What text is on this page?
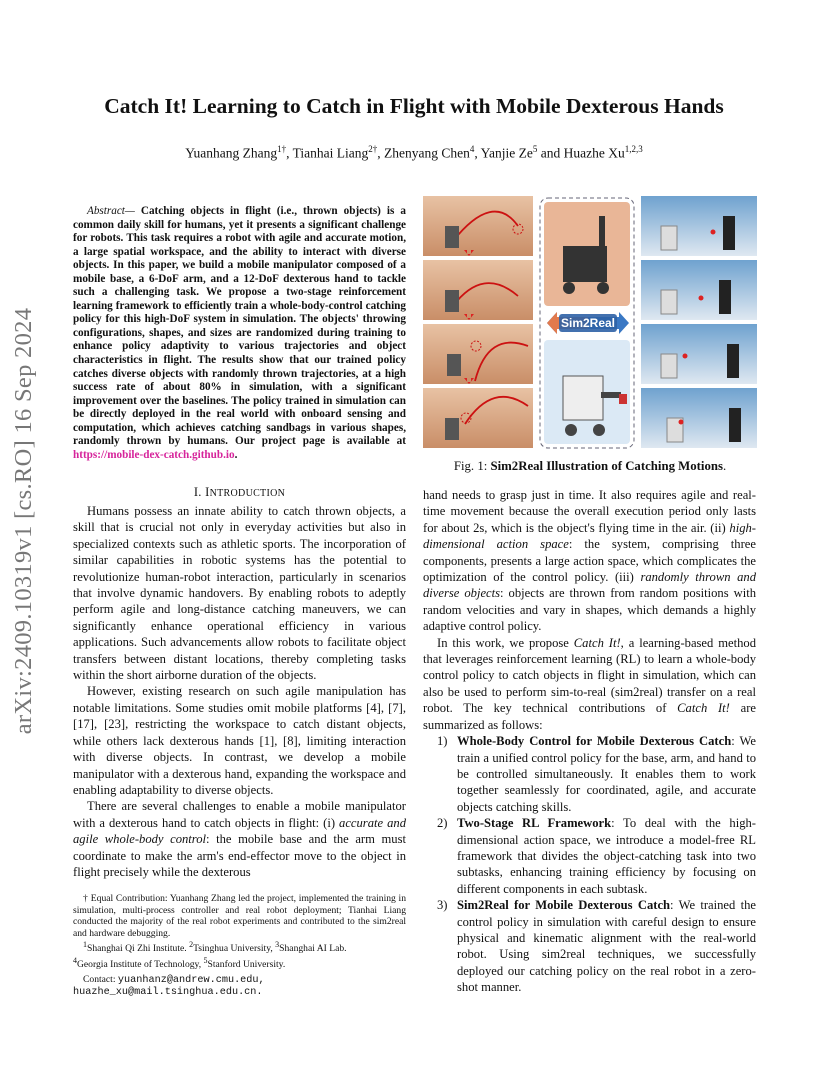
Catch It! Learning to Catch in Flight with Mobile Dexterous Hands
Yuanhang Zhang$^{1\dagger}$, Tianhai Liang$^{2\dagger}$, Zhenyang Chen$^4$, Yanjie Ze$^5$ and Huazhe Xu$^{1,2,3}$
arXiv:2409.10319v1 [cs.RO] 16 Sep 2024
Abstract— Catching objects in flight (i.e., thrown objects) is a common daily skill for humans, yet it presents a significant challenge for robots. This task requires a robot with agile and accurate motion, a large spatial workspace, and the ability to interact with diverse objects. In this paper, we build a mobile manipulator composed of a mobile base, a 6-DoF arm, and a 12-DoF dexterous hand to tackle such a challenging task. We propose a two-stage reinforcement learning framework to efficiently train a whole-body-control catching policy for this high-DoF system in simulation. The objects' throwing configurations, shapes, and sizes are randomized during training to enhance policy adaptivity to various trajectories and object characteristics in flight. The results show that our trained policy catches diverse objects with randomly thrown trajectories, at a high success rate of about 80% in simulation, with a significant improvement over the baselines. The policy trained in simulation can be directly deployed in the real world with onboard sensing and computation, which achieves catching sandbags in various shapes, randomly thrown by humans. Our project page is available at https://mobile-dex-catch.github.io.
I. INTRODUCTION

Humans possess an innate ability to catch thrown objects, a skill that is crucial not only in everyday activities but also in specialized contexts such as athletic sports. The incorporation of similar capabilities in robotic systems has the potential to revolutionize human-robot interaction, particularly in scenarios that involve dynamic handovers. By enabling robots to adeptly perform agile and long-distance catching maneuvers, we can significantly enhance operational efficiency in various applications. Such advancements allow robots to facilitate object transfers between distant locations, thereby completing tasks within the short airborne duration of the objects.

However, existing research on such agile manipulation has notable limitations. Some studies omit mobile platforms [4], [7], [17], [23], restricting the workspace to catch distant objects, while others lack dexterous hands [1], [8], limiting interaction with diverse objects. In contrast, we develop a mobile manipulator with a dexterous hand, expanding the workspace and enabling adaptability to diverse objects.

There are several challenges to enable a mobile manipulator with a dexterous hand to catch objects in flight: (i) accurate and agile whole-body control: the mobile base and the arm must coordinate to make the arm's end-effector move to the object in flight precisely while the dexterous

† Equal Contribution: Yuanhang Zhang led the project, implemented the training in simulation, multi-process controller and real robot deployment; Tianhai Liang conducted the majority of the real robot experiments and contributed to the sim2real and hardware debugging.

$^1$Shanghai Qi Zhi Institute. $^2$Tsinghua University, $^3$Shanghai AI Lab.
$^4$Georgia Institute of Technology, $^5$Stanford University.

Contact: yuanhanz@andrew.cmu.edu,

huazhe_xu@mail.tsinghua.edu.cn.
Sim2Real
Fig. 1: Sim2Real Illustration of Catching Motions.

hand needs to grasp just in time. It also requires agile and real-time movement because the overall execution period only lasts for about 2s, which is the object's flying time in the air. (ii) high-dimensional action space: the system, comprising three components, presents a large action space, which complicates the optimization of the control policy. (iii) randomly thrown and diverse objects: objects are thrown from random positions with random velocities and vary in shapes, which demands a highly adaptive control policy.

In this work, we propose Catch It!, a learning-based method that leverages reinforcement learning (RL) to learn a whole-body control policy to catch objects in flight in simulation, which can also be used to perform sim-to-real (sim2real) transfer on a real robot. The key technical contributions of Catch It! are summarized as follows:

1) Whole-Body Control for Mobile Dexterous Catch: We train a unified control policy for the base, arm, and hand to be controlled simultaneously. It enables them to work together seamlessly for coordinated, agile, and accurate objects catching skills.
2) Two-Stage RL Framework: To deal with the high-dimensional action space, we introduce a model-free RL framework that divides the object-catching task into two subtasks, enhancing training efficiency by focusing on different components in each subtask.
3) Sim2Real for Mobile Dexterous Catch: We trained the control policy in simulation with careful design to ensure physical and kinematic alignment with the real-world robot. Using sim2real techniques, we successfully deployed our catching policy on the real robot in a zero-shot manner.
